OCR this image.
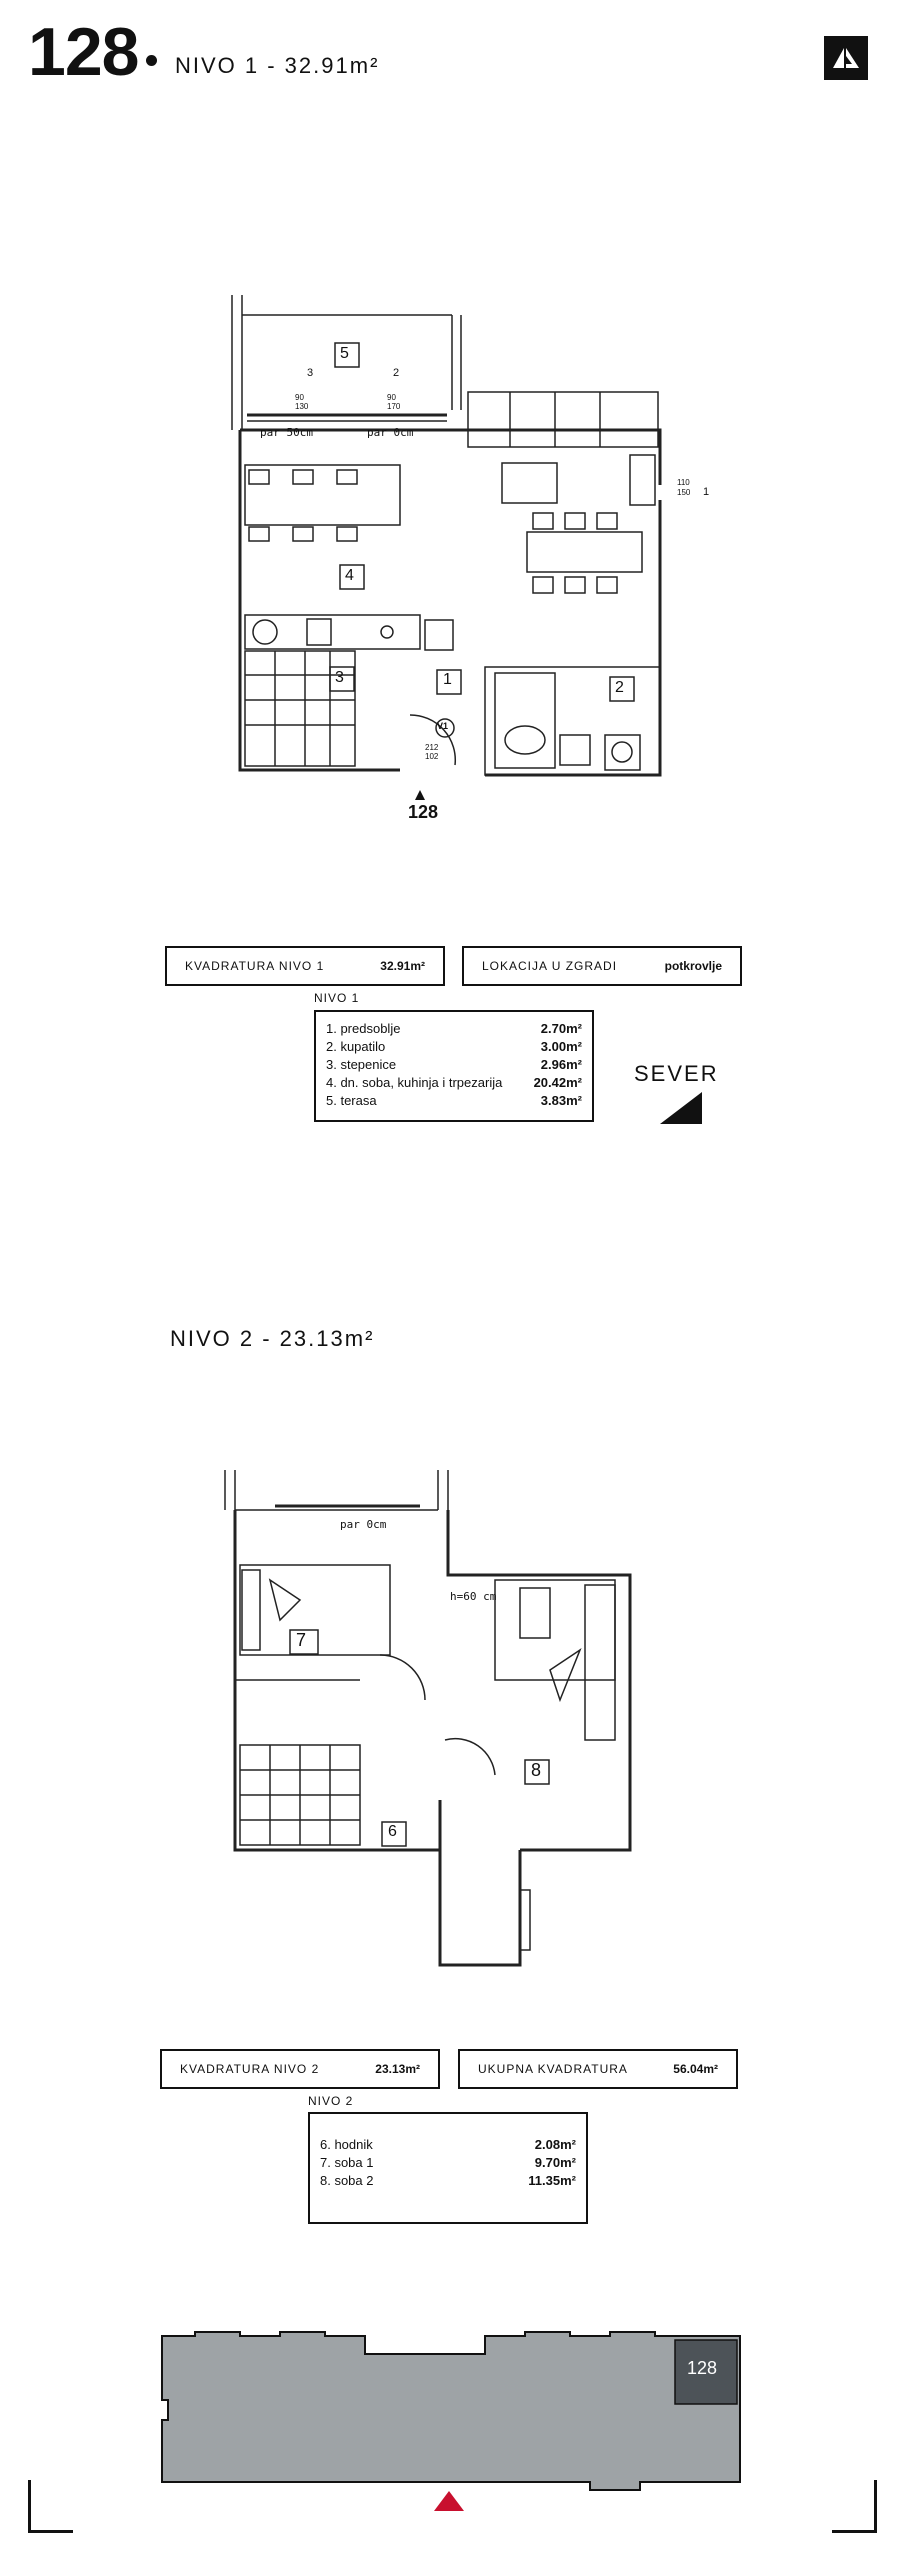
128 NIVO 1 - 32.91m²
5
4
3	1	2
3	2
1
par 50cm	par 0cm
110
150
90
130
90
170
212
102
V1
128
KVADRATURA NIVO 1	32.91m²	LOKACIJA U ZGRADI	potkrovlje
NIVO 1
1. predsoblje	2.70m²
2. kupatilo	3.00m²
3. stepenice	2.96m²
4. dn. soba, kuhinja i trpezarija 20.42m²
5. terasa	3.83m²
SEVER
NIVO 2 - 23.13m²
7
8
6
par 0cm
h=60 cm
KVADRATURA NIVO 2	23.13m²	UKUPNA KVADRATURA	56.04m²
NIVO 2
6. hodnik	2.08m²
7. soba 1	9.70m²
8. soba 2	11.35m²
128
